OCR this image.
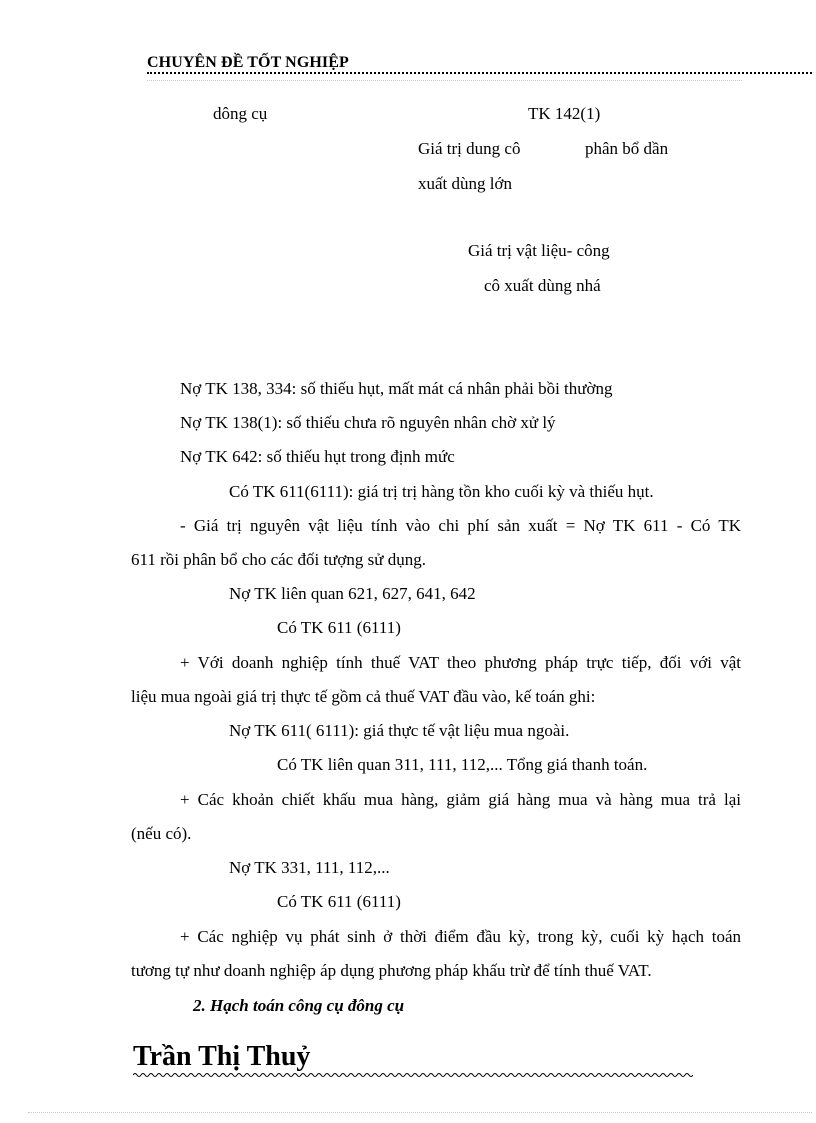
CHUYÊN ĐỀ TỐT NGHIỆP
dông cụ	TK 142(1)
Giá trị dung cô	phân bổ dần
xuất dùng lớn
Giá trị vật liệu- công
cô xuất dùng nhá
Nợ TK 138, 334: số thiếu hụt, mất mát cá nhân phải bồi thường
Nợ TK 138(1): số thiếu chưa rõ nguyên nhân chờ xử lý
Nợ TK 642: số thiếu hụt trong định mức
Có TK 611(6111): giá trị trị hàng tồn kho cuối kỳ và thiếu hụt.
- Giá trị nguyên vật liệu tính vào chi phí sản xuất = Nợ TK 611 - Có TK
611 rồi phân bổ cho các đối tượng sử dụng.
Nợ TK liên quan 621, 627, 641, 642
Có TK 611 (6111)
+ Với doanh nghiệp tính thuế VAT theo phương pháp trực tiếp, đối với vật
liệu mua ngoài giá trị thực tế gồm cả thuế VAT đầu vào, kế toán ghi:
Nợ TK 611( 6111): giá thực tế vật liệu mua ngoài.
Có TK liên quan 311, 111, 112,... Tổng giá thanh toán.
+ Các khoản chiết khấu mua hàng, giảm giá hàng mua và hàng mua trả lại
(nếu có).
Nợ TK 331, 111, 112,...
Có TK 611 (6111)
+ Các nghiệp vụ phát sinh ở thời điểm đầu kỳ, trong kỳ, cuối kỳ hạch toán
tương tự như doanh nghiệp áp dụng phương pháp khấu trừ để tính thuế VAT.
2. Hạch toán công cụ đông cụ
Trần Thị Thuỷ
